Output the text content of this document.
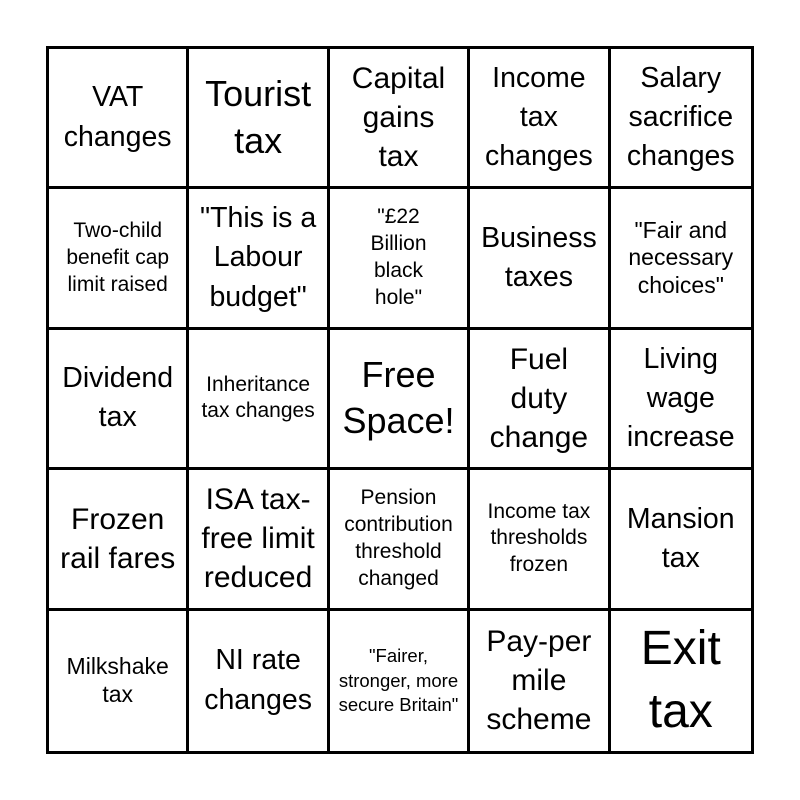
VAT changes
Tourist tax
Capital gains tax
Income tax changes
Salary sacrifice changes
Two-child benefit cap limit raised
"This is a Labour budget"
"£22 Billion black hole"
Business taxes
"Fair and necessary choices"
Dividend tax
Inheritance tax changes
Free Space!
Fuel duty change
Living wage increase
Frozen rail fares
ISA tax-free limit reduced
Pension contribution threshold changed
Income tax thresholds frozen
Mansion tax
Milkshake tax
NI rate changes
"Fairer, stronger, more secure Britain"
Pay-per mile scheme
Exit tax
